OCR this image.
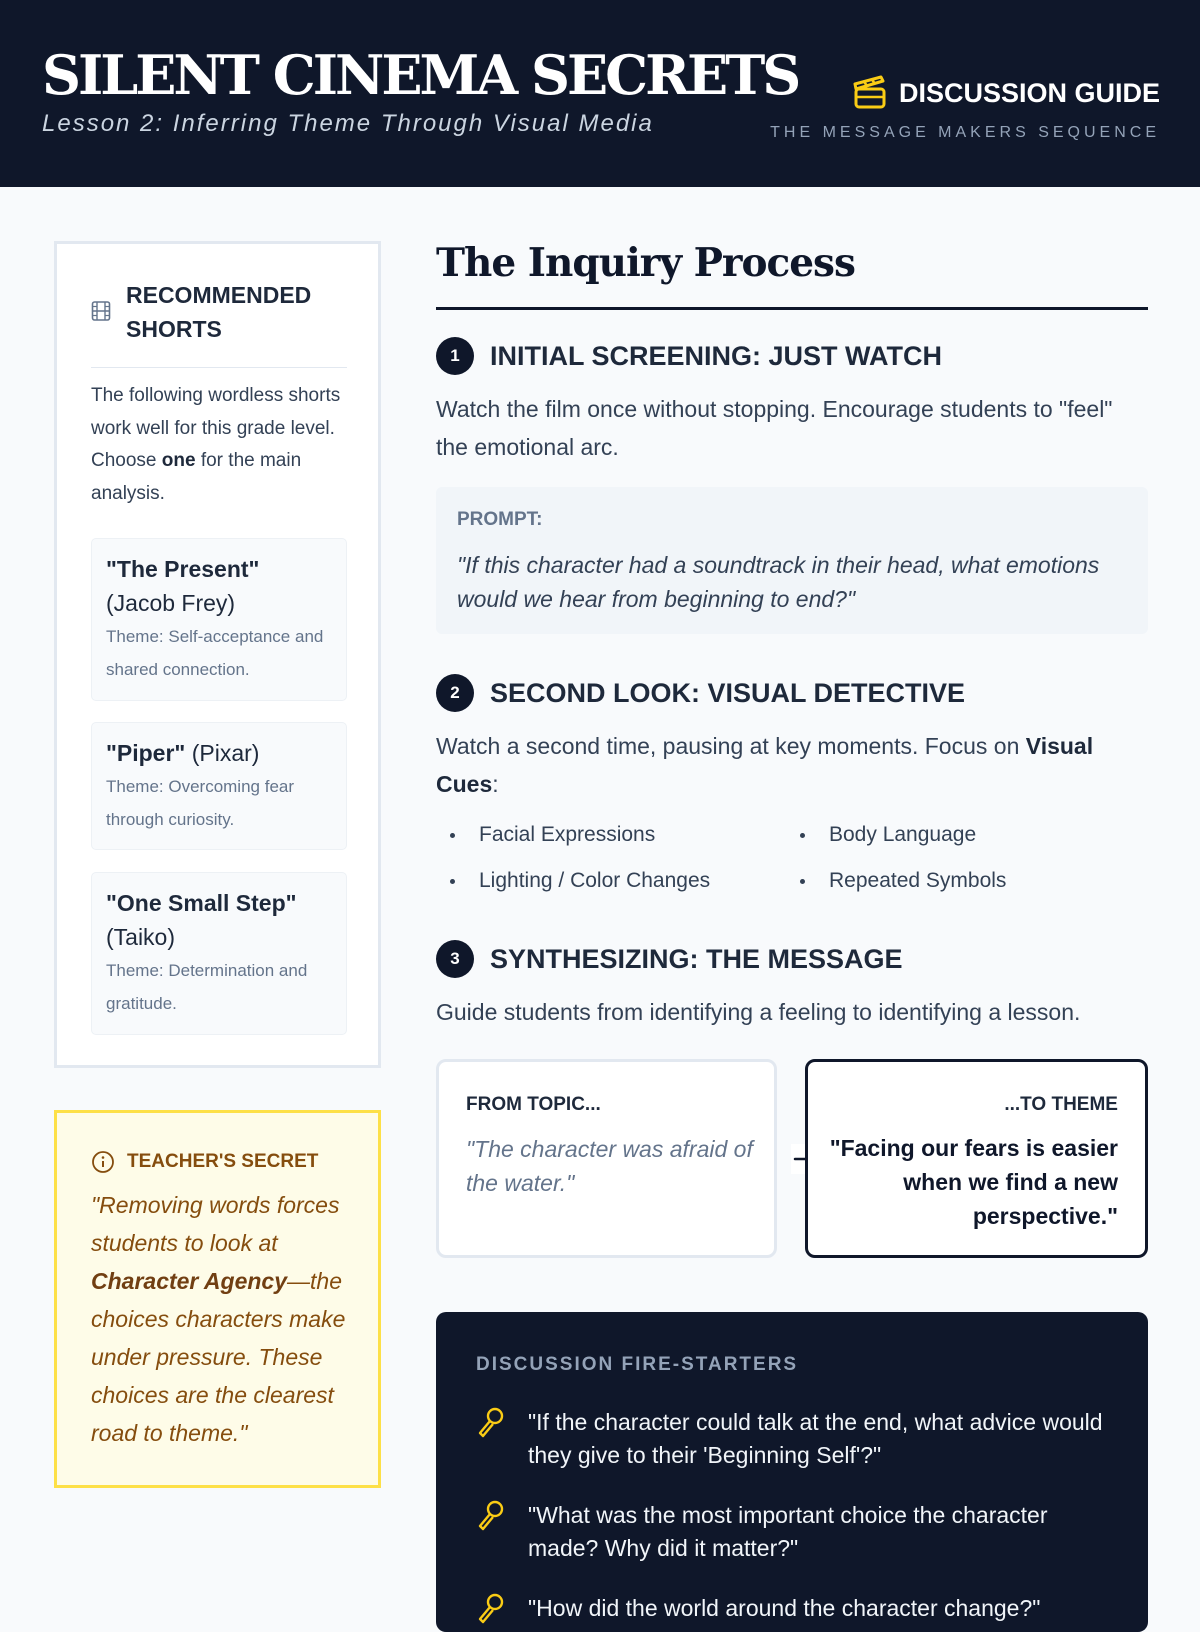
SILENT CINEMA SECRETS
Lesson 2: Inferring Theme Through Visual Media
DISCUSSION GUIDE
THE MESSAGE MAKERS SEQUENCE
RECOMMENDED SHORTS
The following wordless shorts work well for this grade level. Choose one for the main analysis.
"The Present" (Jacob Frey)
Theme: Self-acceptance and shared connection.
"Piper" (Pixar)
Theme: Overcoming fear through curiosity.
"One Small Step" (Taiko)
Theme: Determination and gratitude.
TEACHER'S SECRET
"Removing words forces students to look at Character Agency—the choices characters make under pressure. These choices are the clearest road to theme."
The Inquiry Process
1	INITIAL SCREENING: JUST WATCH
Watch the film once without stopping. Encourage students to "feel" the emotional arc.
PROMPT:
"If this character had a soundtrack in their head, what emotions would we hear from beginning to end?"
2	SECOND LOOK: VISUAL DETECTIVE
Watch a second time, pausing at key moments. Focus on Visual Cues:
Facial Expressions	Body Language
Lighting / Color Changes	Repeated Symbols
3	SYNTHESIZING: THE MESSAGE
Guide students from identifying a feeling to identifying a lesson.
FROM TOPIC...
"The character was afraid of the water."
...TO THEME
"Facing our fears is easier when we find a new perspective."
DISCUSSION FIRE-STARTERS
"If the character could talk at the end, what advice would they give to their 'Beginning Self'?"
"What was the most important choice the character made? Why did it matter?"
"How did the world around the character change?"
